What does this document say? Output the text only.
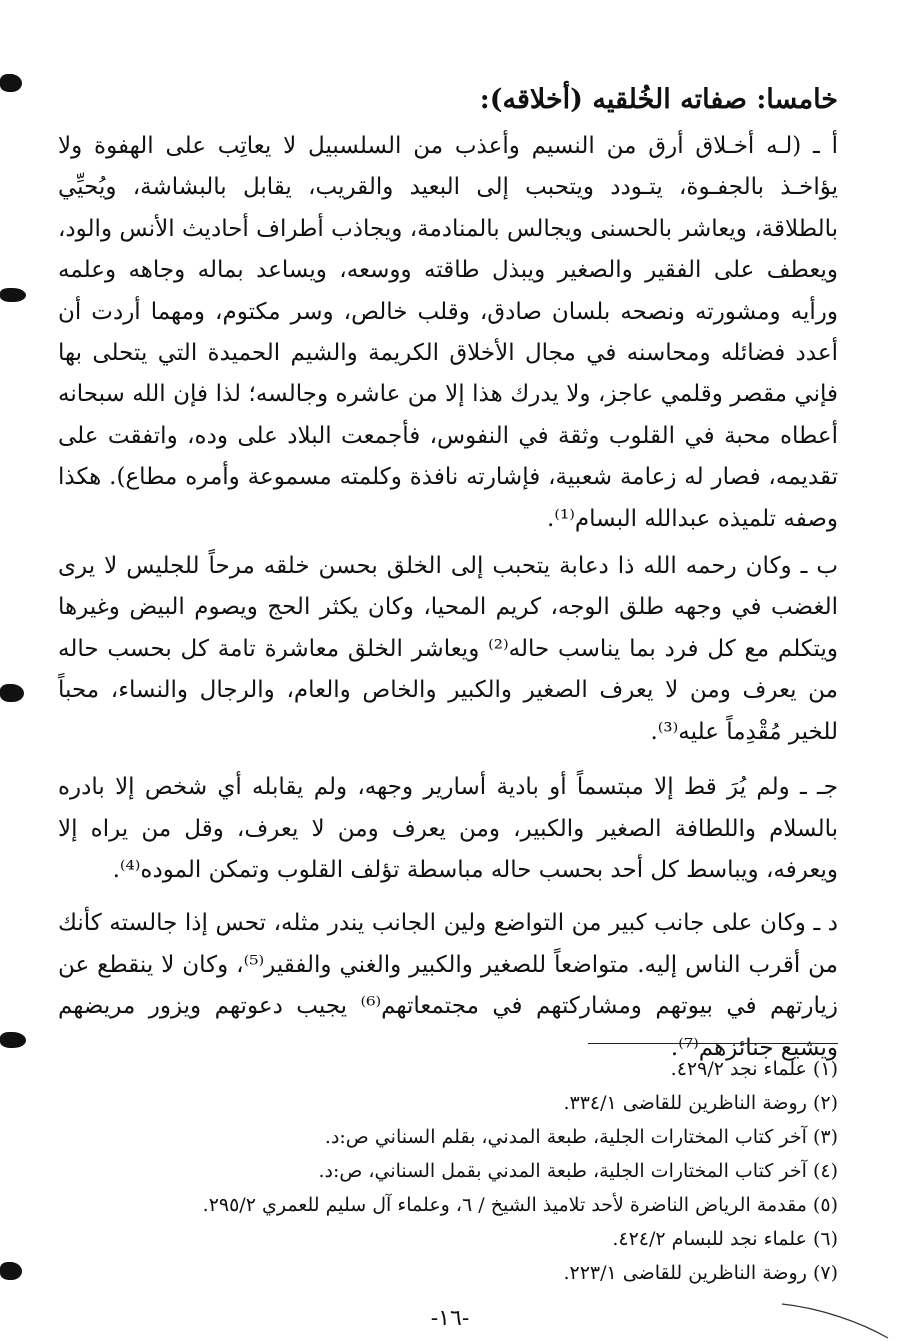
خامسا: صفاته الخُلقيه (أخلاقه):

أ ـ (لـه أخـلاق أرق من النسيم وأعذب من السلسبيل لا يعاتِب على الهفوة ولا يؤاخـذ بالجفـوة، يتـودد ويتحبب إلى البعيد والقريب، يقابل بالبشاشة، ويُحيِّي بالطلاقة، ويعاشر بالحسنى ويجالس بالمنادمة، ويجاذب أطراف أحاديث الأنس والود، ويعطف على الفقير والصغير ويبذل طاقته ووسعه، ويساعد بماله وجاهه وعلمه ورأيه ومشورته ونصحه بلسان صادق، وقلب خالص، وسر مكتوم، ومهما أردت أن أعدد فضائله ومحاسنه في مجال الأخلاق الكريمة والشيم الحميدة التي يتحلى بها فإني مقصر وقلمي عاجز، ولا يدرك هذا إلا من عاشره وجالسه؛ لذا فإن الله سبحانه أعطاه محبة في القلوب وثقة في النفوس، فأجمعت البلاد على وده، واتفقت على تقديمه، فصار له زعامة شعبية، فإشارته نافذة وكلمته مسموعة وأمره مطاع). هكذا وصفه تلميذه عبدالله البسام⁽¹⁾.

ب ـ وكان رحمه الله ذا دعابة يتحبب إلى الخلق بحسن خلقه مرحاً للجليس لا يرى الغضب في وجهه طلق الوجه، كريم المحيا، وكان يكثر الحج ويصوم البيض وغيرها ويتكلم مع كل فرد بما يناسب حاله⁽²⁾ ويعاشر الخلق معاشرة تامة كل بحسب حاله من يعرف ومن لا يعرف الصغير والكبير والخاص والعام، والرجال والنساء، محباً للخير مُقْدِماً عليه⁽³⁾.

جـ ـ ولم يُرَ قط إلا مبتسماً أو بادية أسارير وجهه، ولم يقابله أي شخص إلا بادره بالسلام واللطافة الصغير والكبير، ومن يعرف ومن لا يعرف، وقل من يراه إلا ويعرفه، ويباسط كل أحد بحسب حاله مباسطة تؤلف القلوب وتمكن الموده⁽⁴⁾.

د ـ وكان على جانب كبير من التواضع ولين الجانب يندر مثله، تحس إذا جالسته كأنك من أقرب الناس إليه. متواضعاً للصغير والكبير والغني والفقير⁽⁵⁾، وكان لا ينقطع عن زيارتهم في بيوتهم ومشاركتهم في مجتمعاتهم⁽⁶⁾ يجيب دعوتهم ويزور مريضهم ويشيع جنائزهم⁽⁷⁾.

(١) علماء نجد ٤٢٩/٢.

(٢) روضة الناظرين للقاضى ٣٣٤/١.

(٣) آخر كتاب المختارات الجلية، طبعة المدني، بقلم السناني ص:د.

(٤) آخر كتاب المختارات الجلية، طبعة المدني بقمل السناني، ص:د.

(٥) مقدمة الرياض الناضرة لأحد تلاميذ الشيخ / ٦، وعلماء آل سليم للعمري ٢٩٥/٢.

(٦) علماء نجد للبسام ٤٢٤/٢.

(٧) روضة الناظرين للقاضى ٢٢٣/١.

-١٦-
